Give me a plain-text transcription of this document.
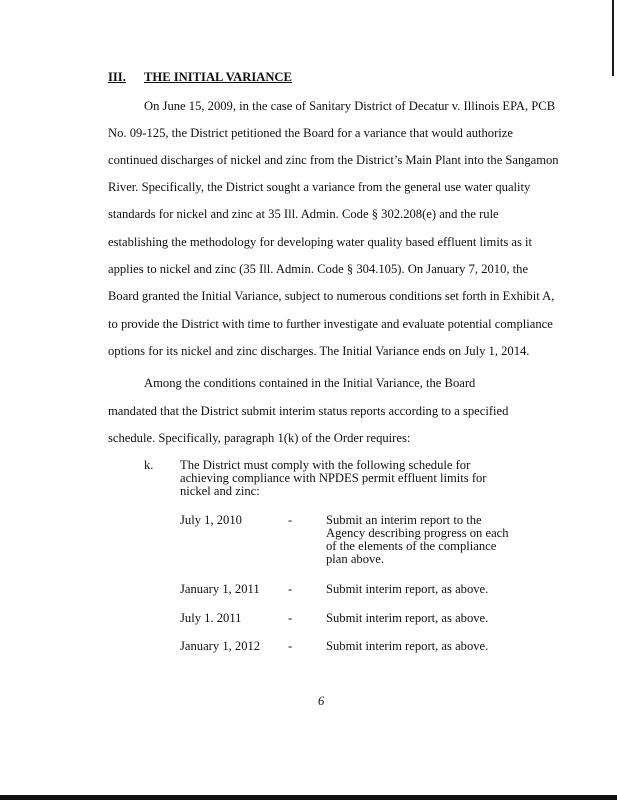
III. THE INITIAL VARIANCE
On June 15, 2009, in the case of Sanitary District of Decatur v. Illinois EPA, PCB
No. 09-125, the District petitioned the Board for a variance that would authorize
continued discharges of nickel and zinc from the District’s Main Plant into the Sangamon
River. Specifically, the District sought a variance from the general use water quality
standards for nickel and zinc at 35 Ill. Admin. Code § 302.208(e) and the rule
establishing the methodology for developing water quality based effluent limits as it
applies to nickel and zinc (35 Ill. Admin. Code § 304.105). On January 7, 2010, the
Board granted the Initial Variance, subject to numerous conditions set forth in Exhibit A,
to provide the District with time to further investigate and evaluate potential compliance
options for its nickel and zinc discharges. The Initial Variance ends on July 1, 2014.
Among the conditions contained in the Initial Variance, the Board
mandated that the District submit interim status reports according to a specified
schedule. Specifically, paragraph 1(k) of the Order requires:
k. The District must comply with the following schedule for
achieving compliance with NPDES permit effluent limits for
nickel and zinc:
July 1, 2010	-	Submit an interim report to the
Agency describing progress on each
of the elements of the compliance
plan above.
January 1, 2011 -	Submit interim report, as above.
July 1. 2011	-	Submit interim report, as above.
January 1, 2012 -	Submit interim report, as above.
6
